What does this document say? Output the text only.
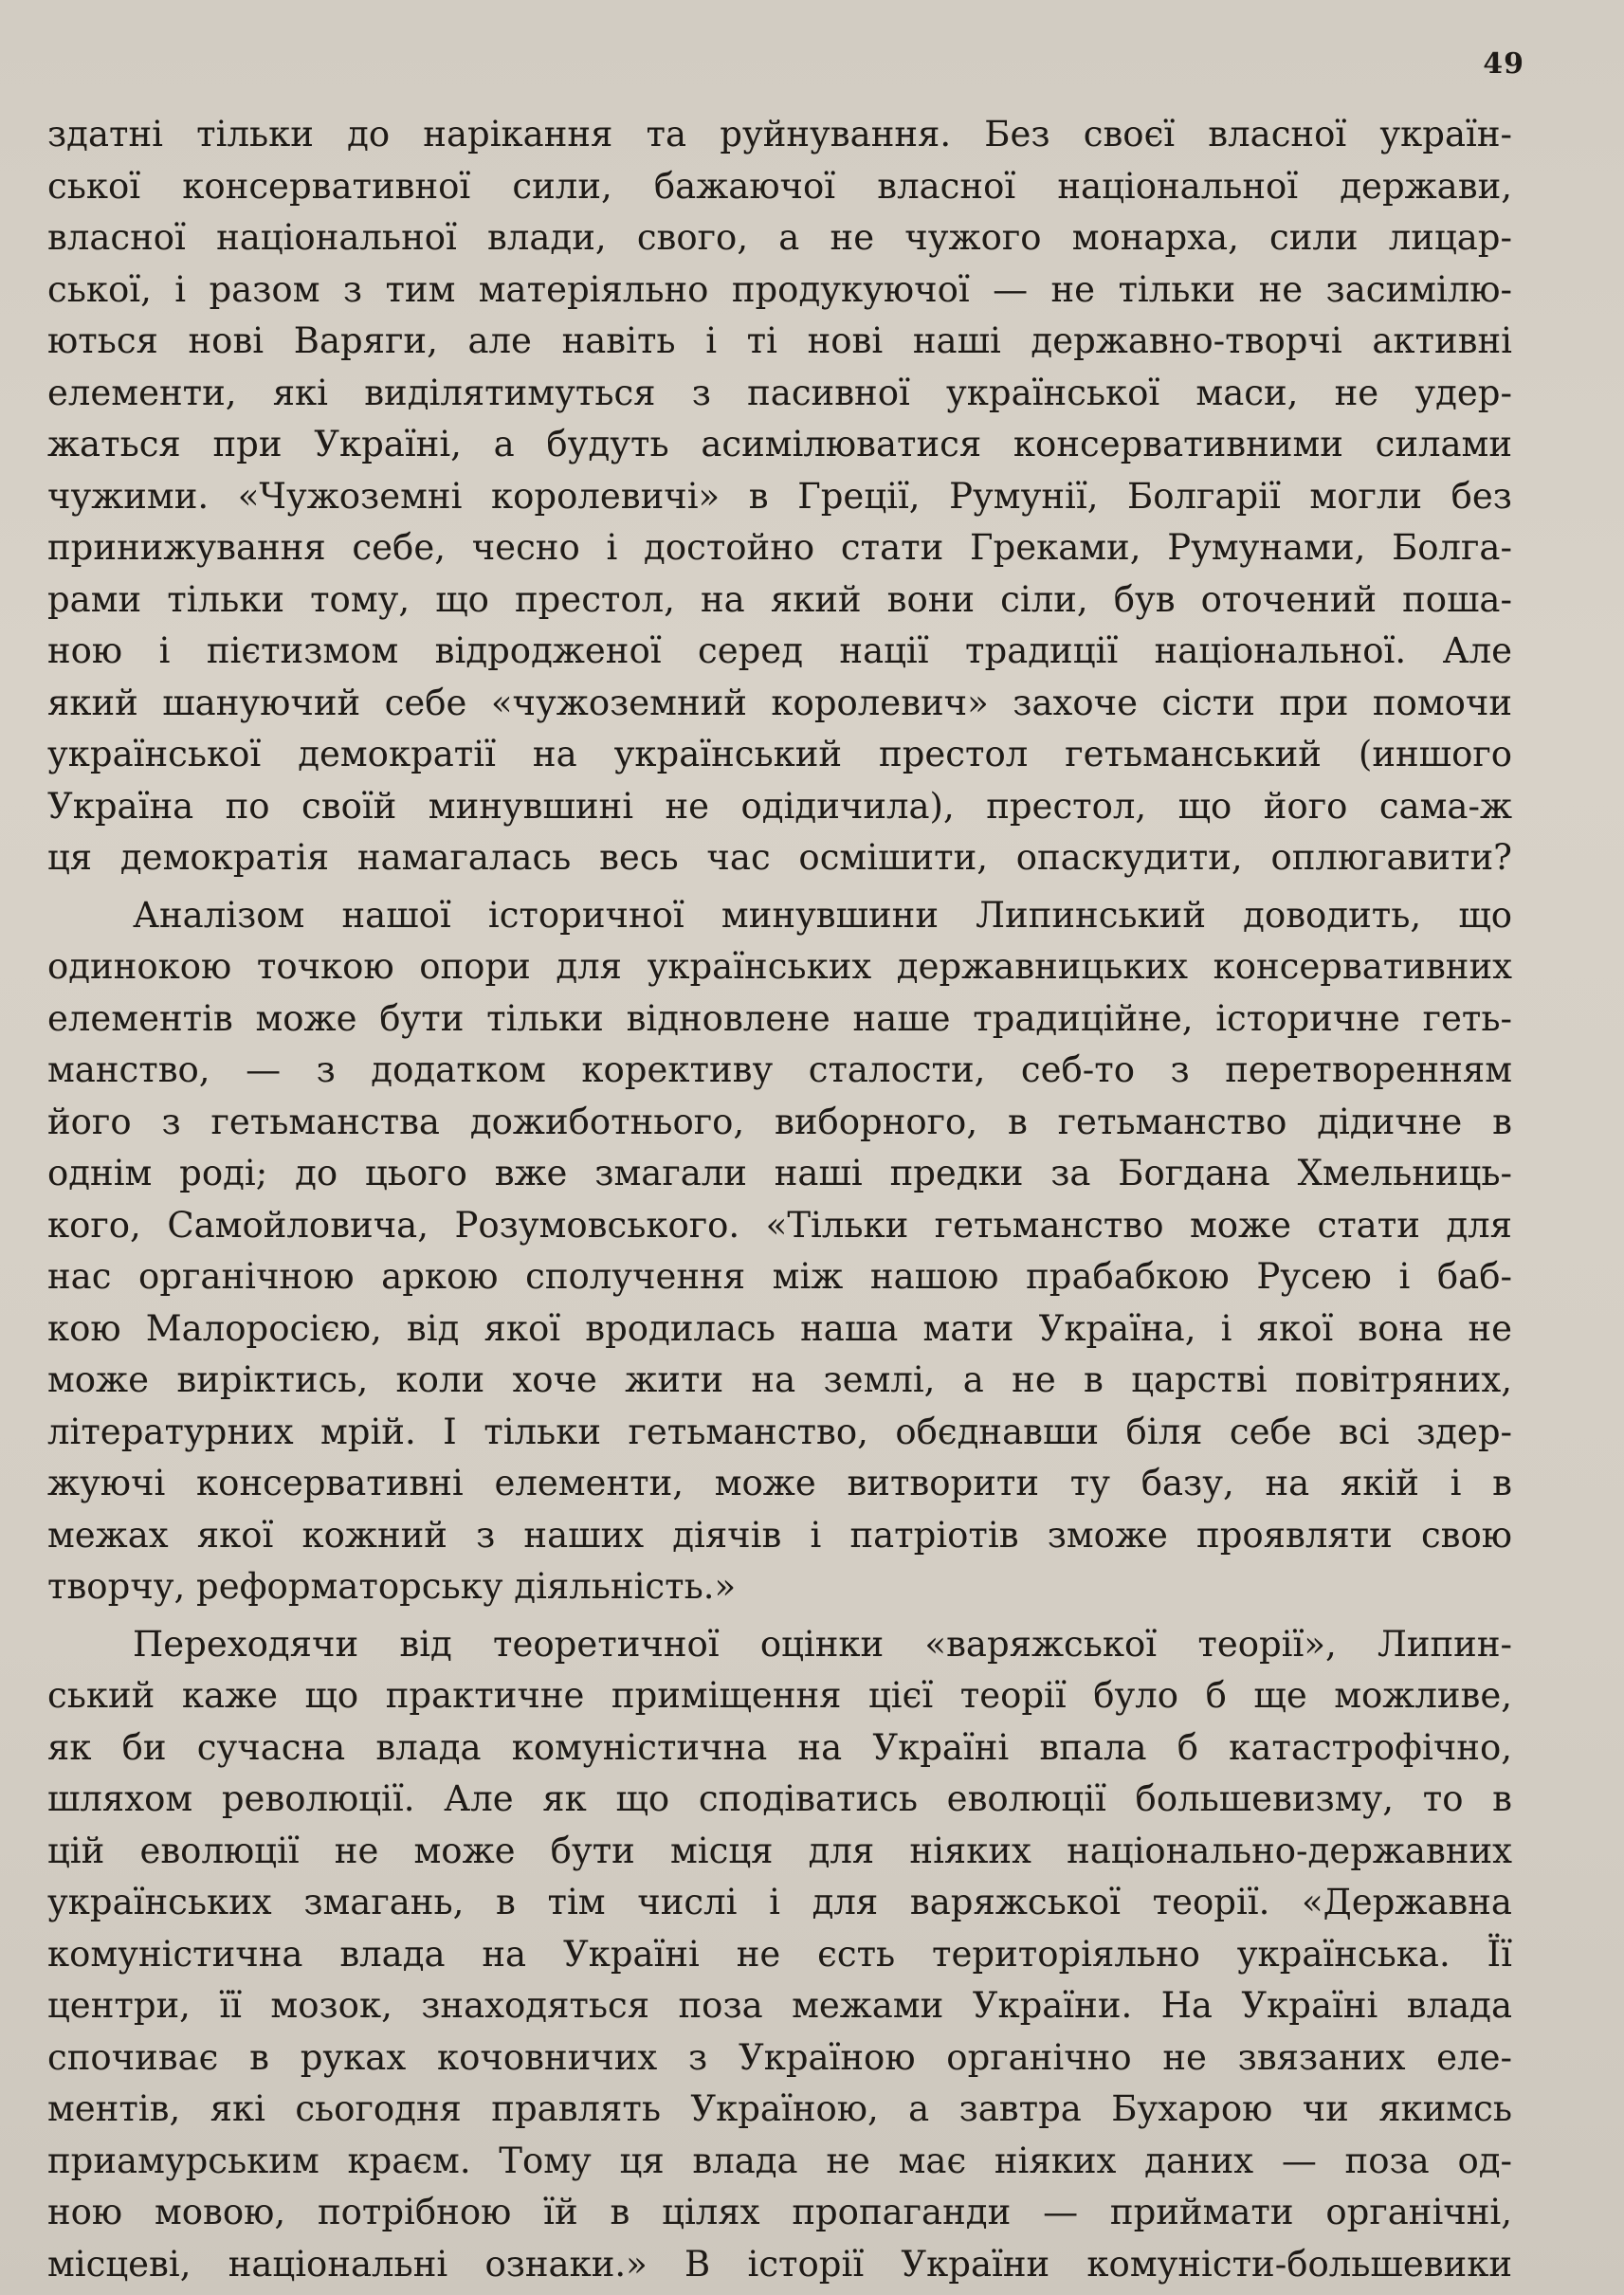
49
здатні тільки до нарікання та руйнування. Без своєї власної україн-
ської консервативної сили, бажаючої власної національної держави,
власної національної влади, свого, а не чужого монарха, сили лицар-
ської, і разом з тим матеріяльно продукуючої — не тільки не засимілю-
ються нові Варяги, але навіть і ті нові наші державно-творчі активні
елементи, які виділятимуться з пасивної української маси, не удер-
жаться при Україні, а будуть асимілюватися консервативними силами
чужими. «Чужоземні королевичі» в Греції, Румунії, Болгарії могли без
принижування себе, чесно і достойно стати Греками, Румунами, Болга-
рами тільки тому, що престол, на який вони сіли, був оточений поша-
ною і пієтизмом відродженої серед нації традиції національної. Але
який шануючий себе «чужоземний королевич» захоче сісти при помочи
української демократії на український престол гетьманський (иншого
Україна по своїй минувшині не одідичила), престол, що його сама-ж
ця демократія намагалась весь час осмішити, опаскудити, оплюгавити?
Аналізом нашої історичної минувшини Липинський доводить, що
одинокою точкою опори для українських державницьких консервативних
елементів може бути тільки відновлене наше традиційне, історичне геть-
манство, — з додатком корективу сталости, себ-то з перетворенням
його з гетьманства дожиботнього, виборного, в гетьманство дідичне в
однім роді; до цього вже змагали наші предки за Богдана Хмельниць-
кого, Самойловича, Розумовського. «Тільки гетьманство може стати для
нас органічною аркою сполучення між нашою прабабкою Русею і баб-
кою Малоросією, від якої вродилась наша мати Україна, і якої вона не
може виріктись, коли хоче жити на землі, а не в царстві повітряних,
літературних мрій. І тільки гетьманство, обєднавши біля себе всі здер-
жуючі консервативні елементи, може витворити ту базу, на якій і в
межах якої кожний з наших діячів і патріотів зможе проявляти свою
творчу, реформаторську діяльність.»
Переходячи від теоретичної оцінки «варяжської теорії», Липин-
ський каже що практичне приміщення цієї теорії було б ще можливе,
як би сучасна влада комуністична на Україні впала б катастрофічно,
шляхом революції. Але як що сподіватись еволюції большевизму, то в
цій еволюції не може бути місця для ніяких національно-державних
українських змагань, в тім числі і для варяжської теорії. «Державна
комуністична влада на Україні не єсть територіяльно українська. Її
центри, її мозок, знаходяться поза межами України. На Україні влада
спочиває в руках кочовничих з Україною органічно не звязаних еле-
ментів, які сьогодня правлять Україною, а завтра Бухарою чи якимсь
приамурським краєм. Тому ця влада не має ніяких даних — поза од-
ною мовою, потрібною їй в цілях пропаганди — приймати органічні,
місцеві, національні ознаки.» В історії України комуністи-большевики
